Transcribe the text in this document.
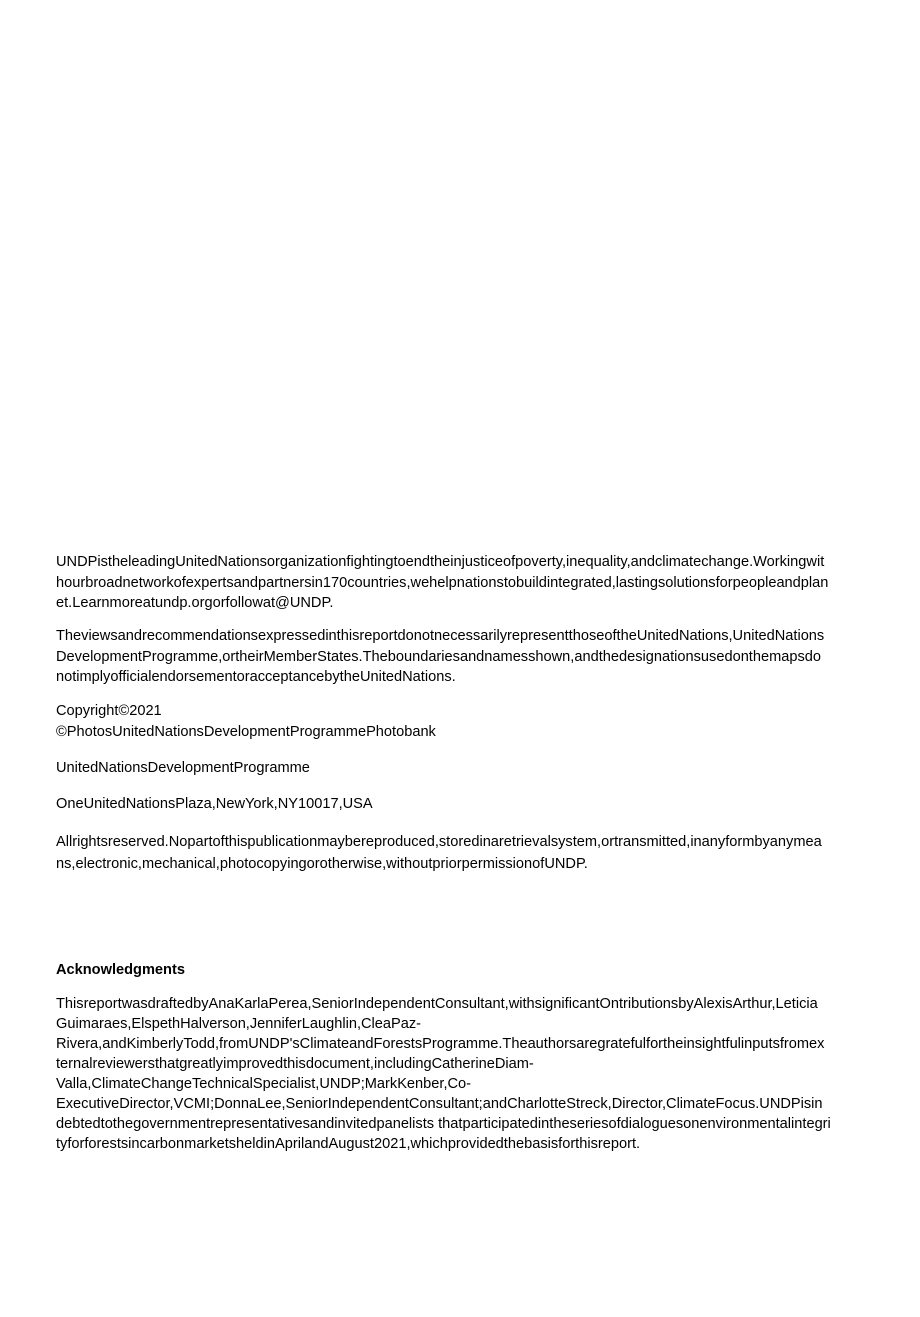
UNDPistheleadingUnitedNationsorganizationfightingtoendtheinjusticeofpoverty,inequality,andclimatechange.Workingwit
hourbroadnetworkofexpertsandpartnersin170countries,wehelpnationstobuildintegrated,lastingsolutionsforpeopleandplan
et.Learnmoreatundp.orgorfollowat@UNDP.
TheviewsandrecommendationsexpressedinthisreportdonotnecessarilyrepresentthoseoftheUnitedNations,UnitedNations
DevelopmentProgramme,ortheirMemberStates.Theboundariesandnamesshown,andthedesignationsusedonthemapsdo
notimplyofficialendorsementoracceptancebytheUnitedNations.
Copyright©2021
©PhotosUnitedNationsDevelopmentProgrammePhotobank
UnitedNationsDevelopmentProgramme
OneUnitedNationsPlaza,NewYork,NY10017,USA
Allrightsreserved.Nopartofthispublicationmaybereproduced,storedinaretrievalsystem,ortransmitted,inanyformbyanymea
ns,electronic,mechanical,photocopyingorotherwise,withoutpriorpermissionofUNDP.
Acknowledgments
ThisreportwasdraftedbyAnaKarlaPerea,SeniorIndependentConsultant,withsignificantOntributionsbyAlexisArthur,Leticia
Guimaraes,ElspethHalverson,JenniferLaughlin,CleaPaz-
Rivera,andKimberlyTodd,fromUNDP'sClimateandForestsProgramme.Theauthorsaregratefulfortheinsightfulinputsfromex
ternalreviewersthatgreatlyimprovedthisdocument,includingCatherineDiam-
Valla,ClimateChangeTechnicalSpecialist,UNDP;MarkKenber,Co-
ExecutiveDirector,VCMI;DonnaLee,SeniorIndependentConsultant;andCharlotteStreck,Director,ClimateFocus.UNDPisin
debtedtothegovernmentrepresentativesandinvitedpanelists thatparticipatedintheseriesofdialoguesonenvironmentalintegri
tyforforestsincarbonmarketsheldinAprilandAugust2021,whichprovidedthebasisforthisreport.
